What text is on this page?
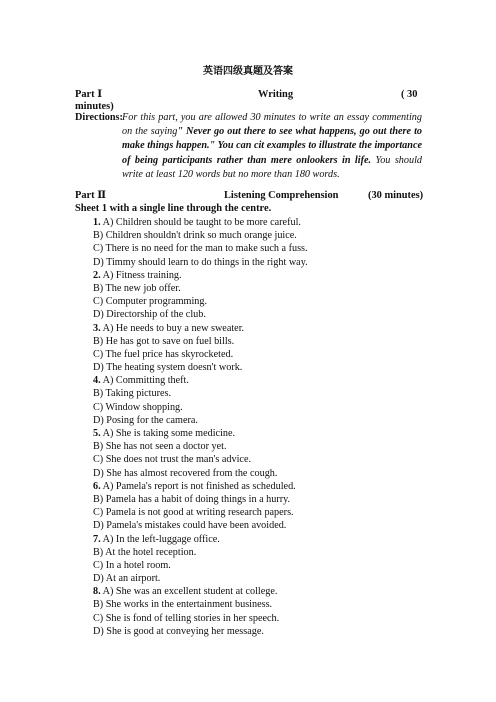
英语四级真题及答案
Part Ⅰ	Writing	( 30
minutes)
Directions: For this part, you are allowed 30 minutes to write an essay commenting on the saying" Never go out there to see what happens, go out there to make things happen." You can cit examples to illustrate the importance of being participants rather than mere onlookers in life. You should write at least 120 words but no more than 180 words.
Part Ⅱ	Listening Comprehension	(30 minutes)
Sheet 1 with a single line through the centre.
1. A) Children should be taught to be more careful.
B) Children shouldn't drink so much orange juice.
C) There is no need for the man to make such a fuss.
D) Timmy should learn to do things in the right way.
2. A) Fitness training.
B) The new job offer.
C) Computer programming.
D) Directorship of the club.
3. A) He needs to buy a new sweater.
B) He has got to save on fuel bills.
C) The fuel price has skyrocketed.
D) The heating system doesn't work.
4. A) Committing theft.
B) Taking pictures.
C) Window shopping.
D) Posing for the camera.
5. A) She is taking some medicine.
B) She has not seen a doctor yet.
C) She does not trust the man's advice.
D) She has almost recovered from the cough.
6. A) Pamela's report is not finished as scheduled.
B) Pamela has a habit of doing things in a hurry.
C) Pamela is not good at writing research papers.
D) Pamela's mistakes could have been avoided.
7. A) In the left-luggage office.
B) At the hotel reception.
C) In a hotel room.
D) At an airport.
8. A) She was an excellent student at college.
B) She works in the entertainment business.
C) She is fond of telling stories in her speech.
D) She is good at conveying her message.
